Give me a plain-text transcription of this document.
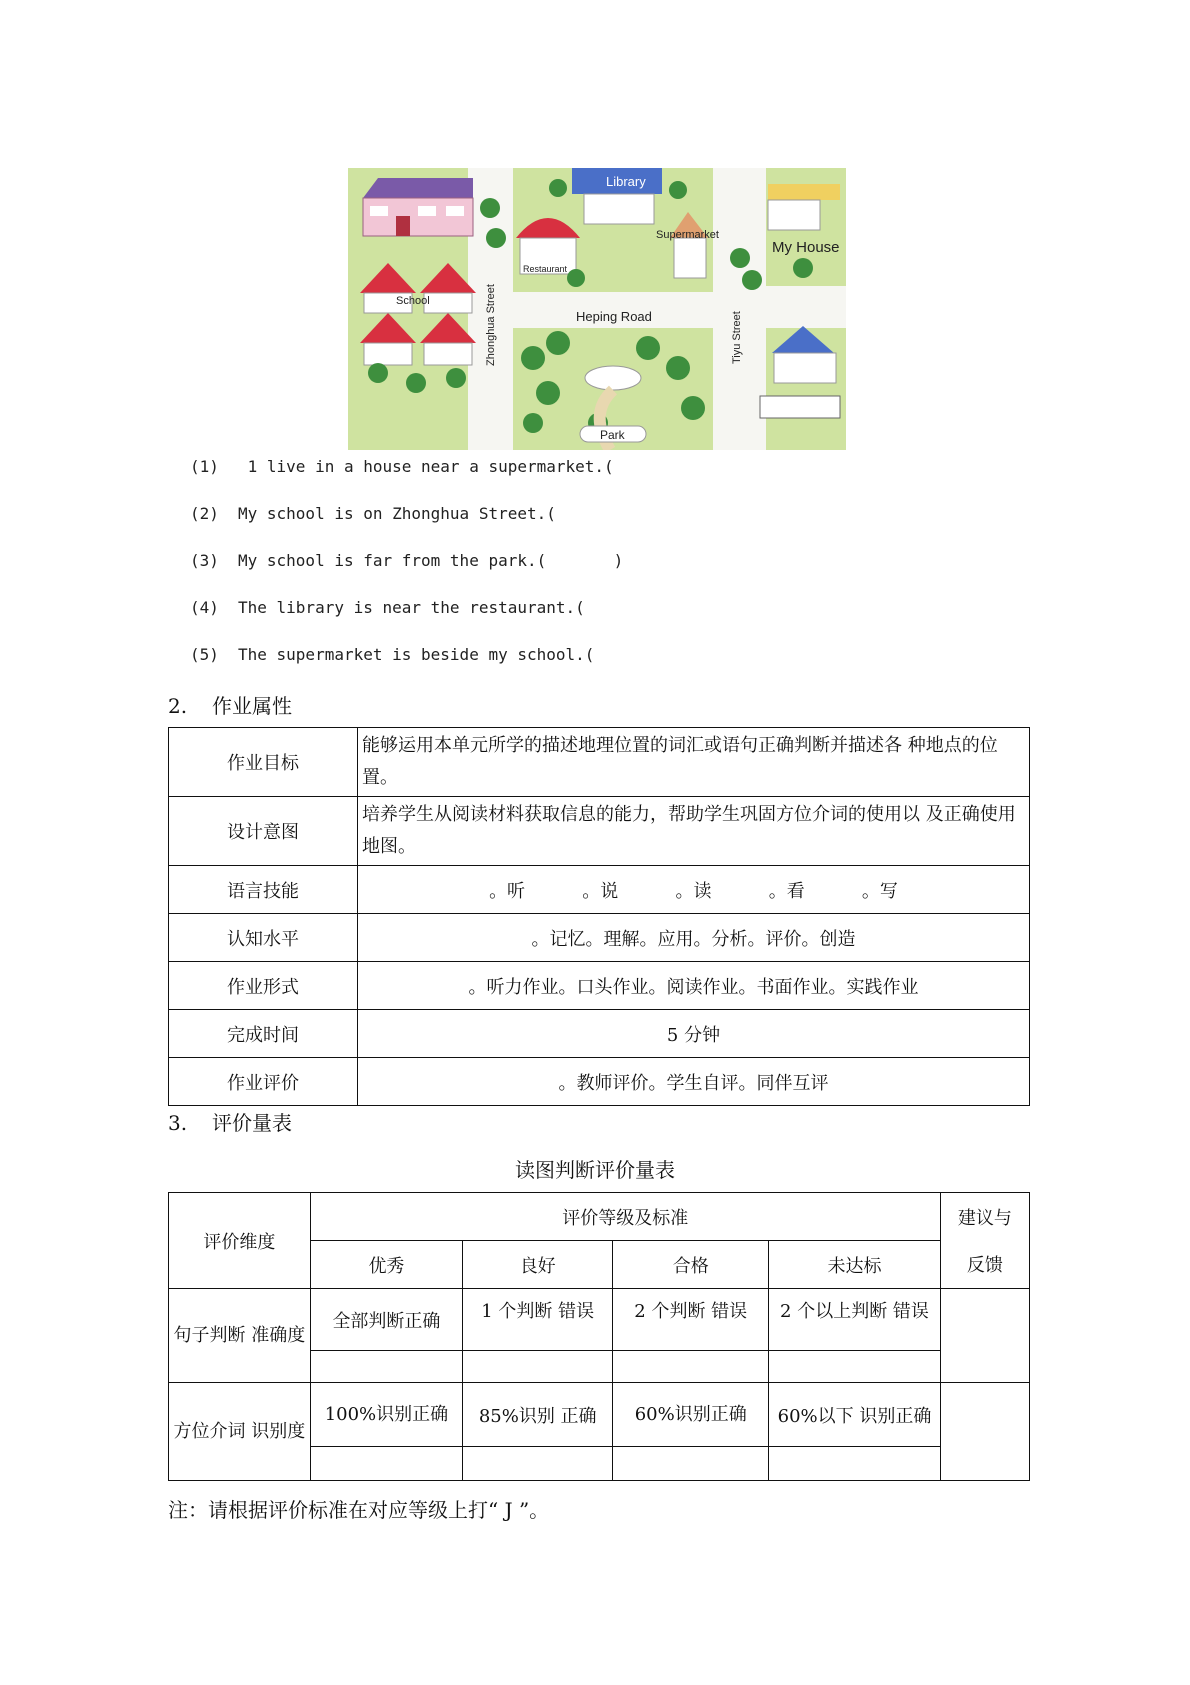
Library
Restaurant
Supermarket
My House
School	Zhonghua Street	Heping Road	Tiyu Street
Park
(1) 1 live in a house near a supermarket.(
(2) My school is on Zhonghua Street.(
(3) My school is far from the park.(       )
(4) The library is near the restaurant.(
(5) The supermarket is beside my school.(
2. 作业属性
作业目标	能够运用本单元所学的描述地理位置的词汇或语句正确判断并描述各 种地点的位置。
设计意图	培养学生从阅读材料获取信息的能力，帮助学生巩固方位介词的使用以 及正确使用地图。
语言技能	。听          。说          。读          。看          。写
认知水平	。记忆。理解。应用。分析。评价。创造
作业形式	。听力作业。口头作业。阅读作业。书面作业。实践作业
完成时间	5 分钟
作业评价	。教师评价。学生自评。同伴互评
3. 评价量表
读图判断评价量表
评价维度	评价等级及标准				建议与
	优秀	良好	合格	未达标	反馈
句子判断 准确度	全部判断正确	1 个判断 错误	2 个判断 错误	2 个以上判断 错误	

方位介词 识别度	100%识别正确	85%识别 正确	60%识别正确	60%以下 识别正确	

注：请根据评价标准在对应等级上打“ J ”。
